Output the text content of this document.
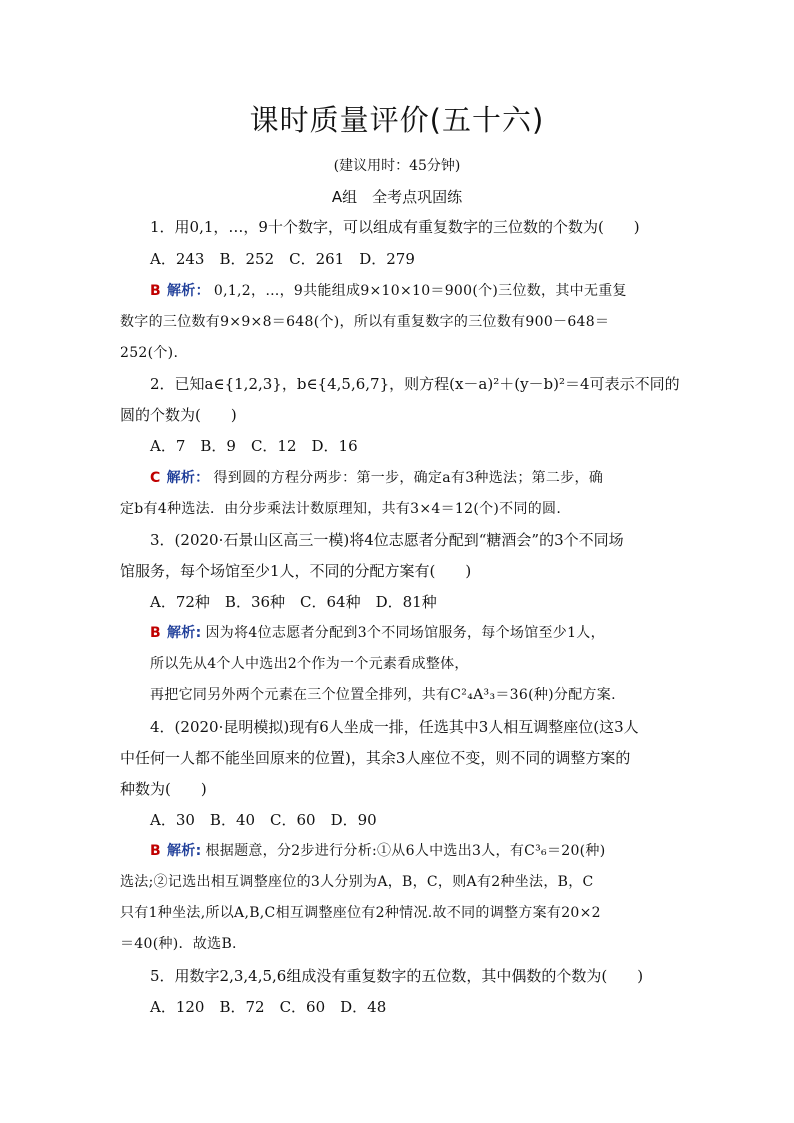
课时质量评价(五十六)
(建议用时：45分钟)
A组　全考点巩固练
1．用0,1，…，9十个数字，可以组成有重复数字的三位数的个数为(　　)
A．243　B．252　C．261　D．279
B 解析： 0,1,2，…，9共能组成9×10×10＝900(个)三位数，其中无重复
数字的三位数有9×9×8＝648(个)，所以有重复数字的三位数有900－648＝
252(个).
2．已知a∈{1,2,3}，b∈{4,5,6,7}，则方程(x－a)²＋(y－b)²＝4可表示不同的
圆的个数为(　　)
A．7　B．9　C．12　D．16
C 解析： 得到圆的方程分两步：第一步，确定a有3种选法；第二步，确
定b有4种选法．由分步乘法计数原理知，共有3×4＝12(个)不同的圆.
3．(2020·石景山区高三一模)将4位志愿者分配到“糖酒会”的3个不同场
馆服务，每个场馆至少1人，不同的分配方案有(　　)
A．72种　B．36种　C．64种　D．81种
B 解析: 因为将4位志愿者分配到3个不同场馆服务，每个场馆至少1人，
所以先从4个人中选出2个作为一个元素看成整体，
再把它同另外两个元素在三个位置全排列，共有C²₄A³₃＝36(种)分配方案.
4．(2020·昆明模拟)现有6人坐成一排，任选其中3人相互调整座位(这3人
中任何一人都不能坐回原来的位置)，其余3人座位不变，则不同的调整方案的
种数为(　　)
A．30　B．40　C．60　D．90
B 解析: 根据题意，分2步进行分析:①从6人中选出3人，有C³₆＝20(种)
选法;②记选出相互调整座位的3人分别为A，B，C，则A有2种坐法，B，C
只有1种坐法,所以A,B,C相互调整座位有2种情况.故不同的调整方案有20×2
＝40(种)．故选B.
5．用数字2,3,4,5,6组成没有重复数字的五位数，其中偶数的个数为(　　)
A．120　B．72　C．60　D．48
